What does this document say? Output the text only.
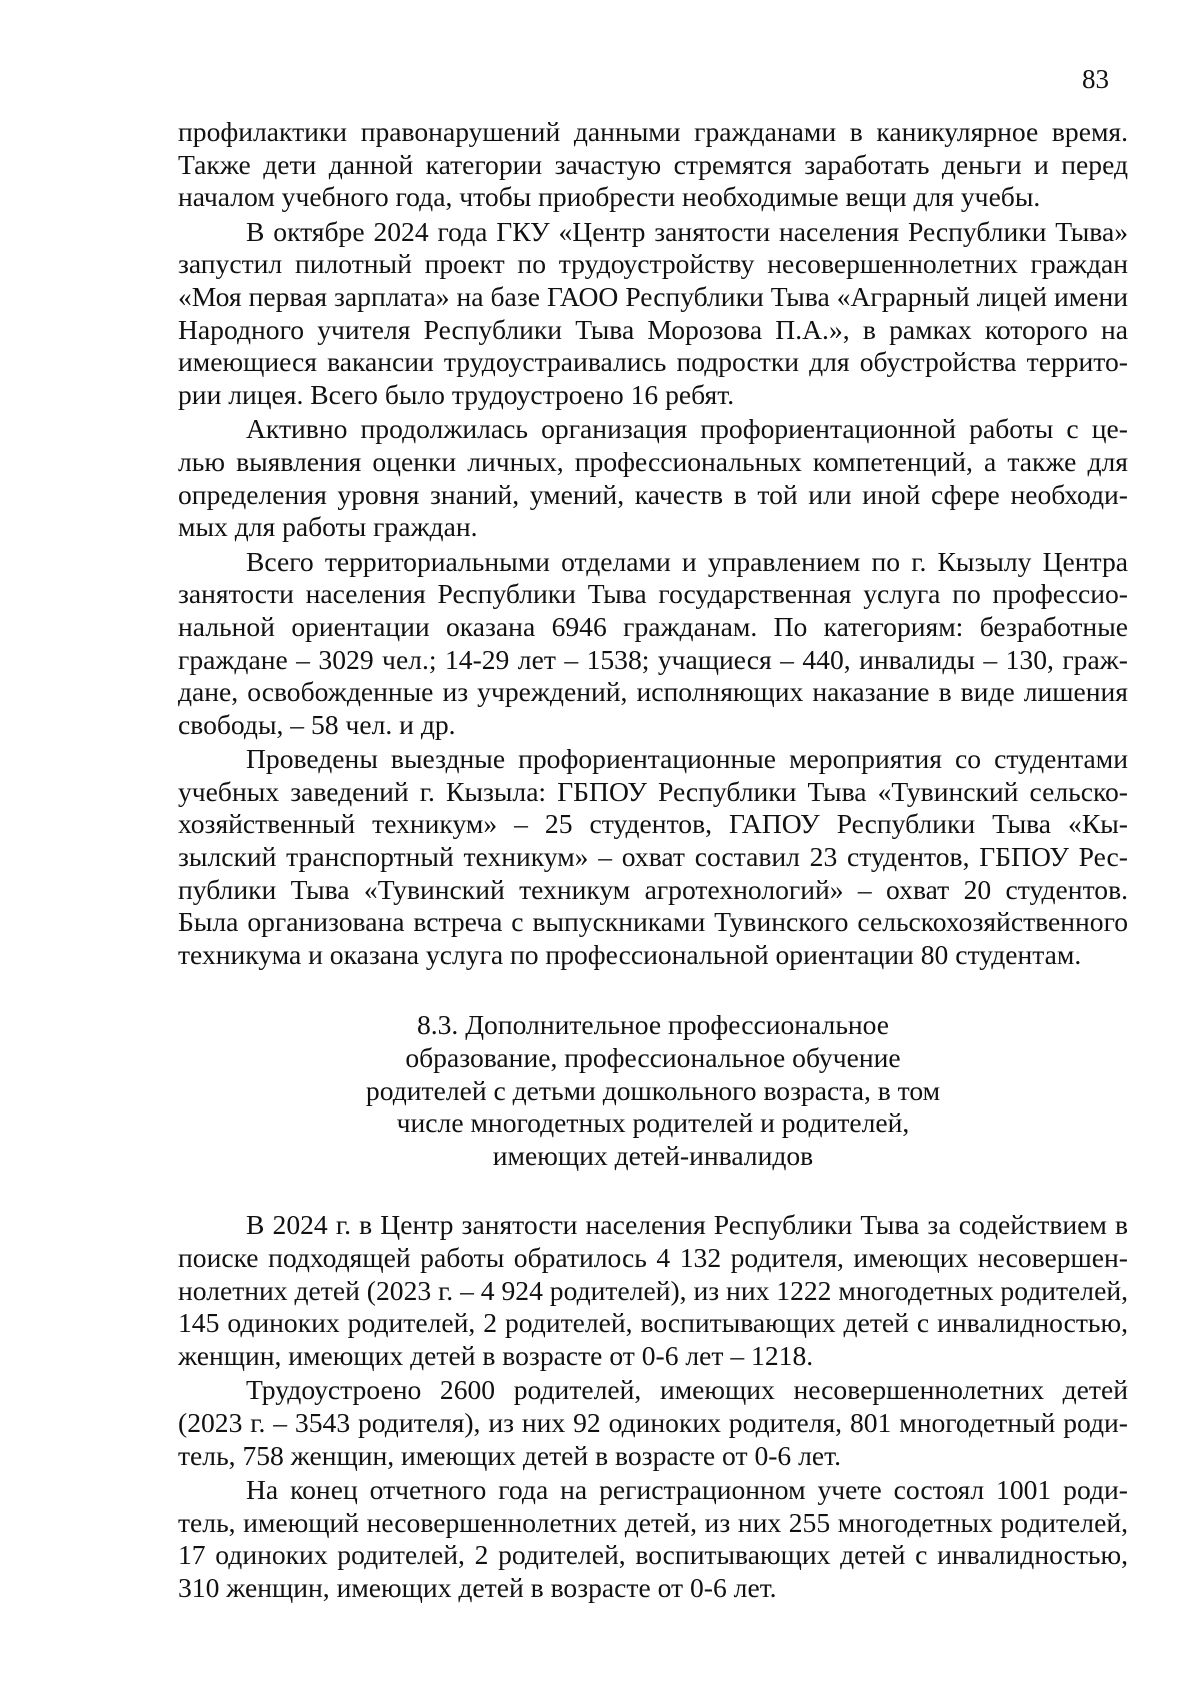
83

профилактики правонарушений данными гражданами в каникулярное время. Также дети данной категории зачастую стремятся заработать деньги и перед началом учебного года, чтобы приобрести необходимые вещи для учебы.

В октябре 2024 года ГКУ «Центр занятости населения Республики Тыва» запустил пилотный проект по трудоустройству несовершеннолетних граждан «Моя первая зарплата» на базе ГАОО Республики Тыва «Аграрный лицей имени Народного учителя Республики Тыва Морозова П.А.», в рамках которого на имеющиеся вакансии трудоустраивались подростки для обустройства территории лицея. Всего было трудоустроено 16 ребят.

Активно продолжилась организация профориентационной работы с целью выявления оценки личных, профессиональных компетенций, а также для определения уровня знаний, умений, качеств в той или иной сфере необходимых для работы граждан.

Всего территориальными отделами и управлением по г. Кызылу Центра занятости населения Республики Тыва государственная услуга по профессиональной ориентации оказана 6946 гражданам. По категориям: безработные граждане – 3029 чел.; 14-29 лет – 1538; учащиеся – 440, инвалиды – 130, граждане, освобожденные из учреждений, исполняющих наказание в виде лишения свободы, – 58 чел. и др.

Проведены выездные профориентационные мероприятия со студентами учебных заведений г. Кызыла: ГБПОУ Республики Тыва «Тувинский сельскохозяйственный техникум» – 25 студентов, ГАПОУ Республики Тыва «Кызылский транспортный техникум» – охват составил 23 студентов, ГБПОУ Республики Тыва «Тувинский техникум агротехнологий» – охват 20 студентов. Была организована встреча с выпускниками Тувинского сельскохозяйственного техникума и оказана услуга по профессиональной ориентации 80 студентам.

8.3. Дополнительное профессиональное
образование, профессиональное обучение
родителей с детьми дошкольного возраста, в том
числе многодетных родителей и родителей,
имеющих детей-инвалидов

В 2024 г. в Центр занятости населения Республики Тыва за содействием в поиске подходящей работы обратилось 4 132 родителя, имеющих несовершеннолетних детей (2023 г. – 4 924 родителей), из них 1222 многодетных родителей, 145 одиноких родителей, 2 родителей, воспитывающих детей с инвалидностью, женщин, имеющих детей в возрасте от 0-6 лет – 1218.

Трудоустроено 2600 родителей, имеющих несовершеннолетних детей (2023 г. – 3543 родителя), из них 92 одиноких родителя, 801 многодетный родитель, 758 женщин, имеющих детей в возрасте от 0-6 лет.

На конец отчетного года на регистрационном учете состоял 1001 родитель, имеющий несовершеннолетних детей, из них 255 многодетных родителей, 17 одиноких родителей, 2 родителей, воспитывающих детей с инвалидностью, 310 женщин, имеющих детей в возрасте от 0-6 лет.
